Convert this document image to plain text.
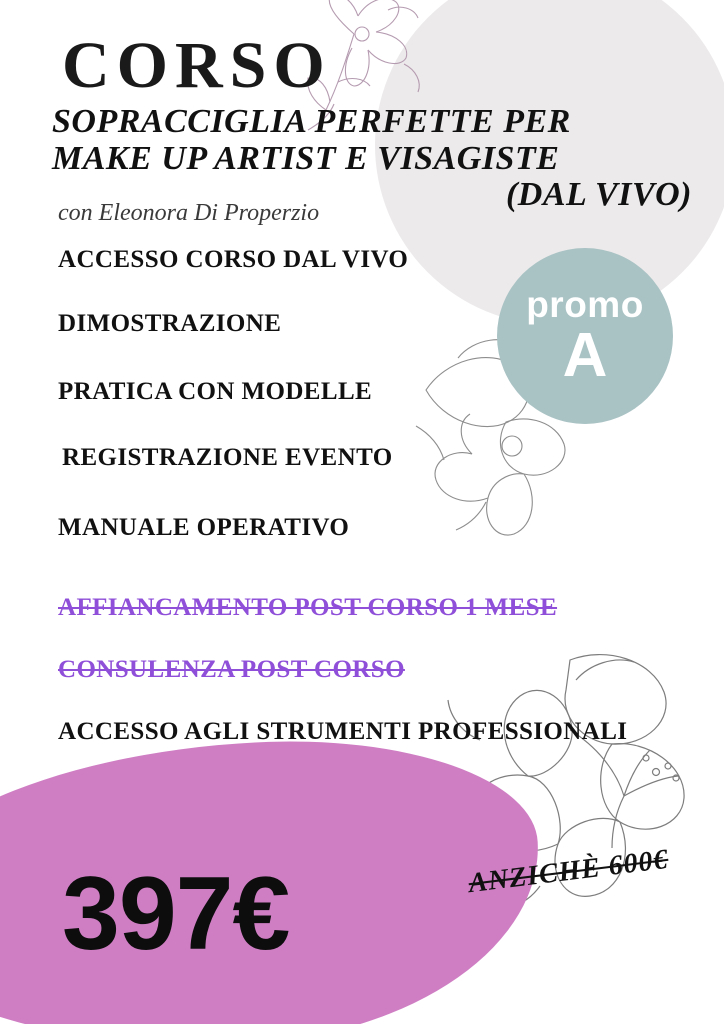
CORSO
SOPRACCIGLIA PERFETTE PER
MAKE UP ARTIST E VISAGISTE
(DAL VIVO)
con Eleonora Di Properzio
promo
A
ACCESSO CORSO DAL VIVO
DIMOSTRAZIONE
PRATICA CON MODELLE
REGISTRAZIONE EVENTO
MANUALE OPERATIVO
AFFIANCAMENTO POST CORSO 1 MESE
CONSULENZA POST CORSO
ACCESSO AGLI STRUMENTI PROFESSIONALI
397€	ANZICHÈ 600€
